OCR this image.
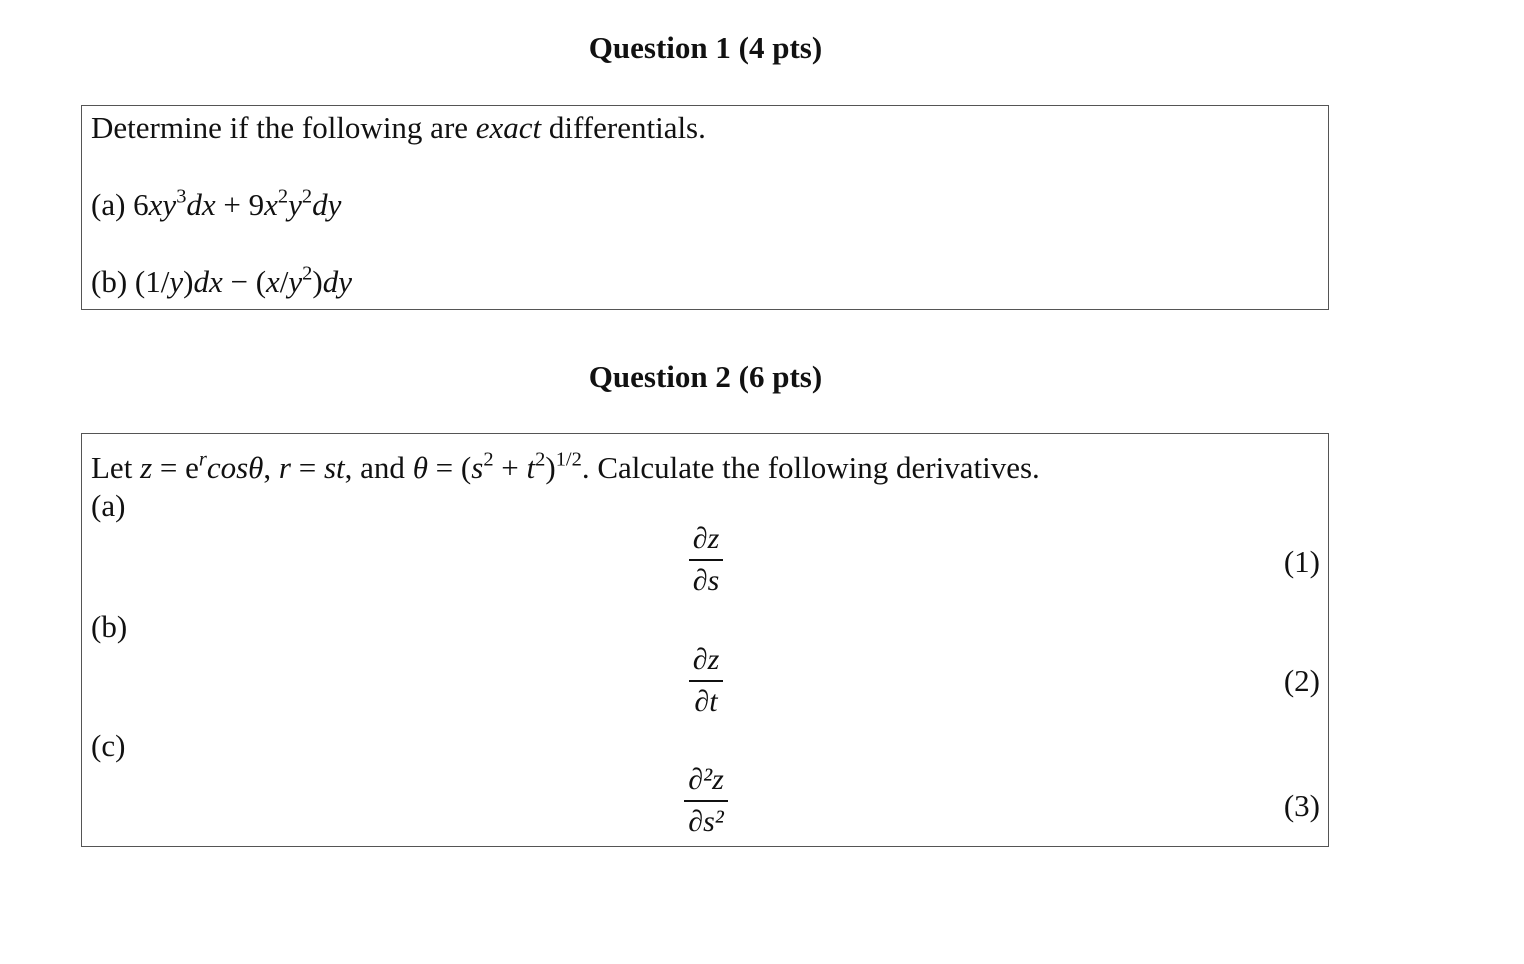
Question 1 (4 pts)
Determine if the following are exact differentials.
(a) $6xy^3dx + 9x^2y^2dy$
(b) $(1/y)dx - (x/y^2)dy$
Question 2 (6 pts)
Let $z = e^r\cos\theta$, r = st, and $\theta = (s^2 + t^2)^{1/2}$. Calculate the following derivatives.
(a)
$\frac{\partial z}{\partial s}$	(1)
(b)
$\frac{\partial z}{\partial t}$	(2)
(c)
$\frac{\text{∂²z}}{\text{∂s²}}$	(3)
